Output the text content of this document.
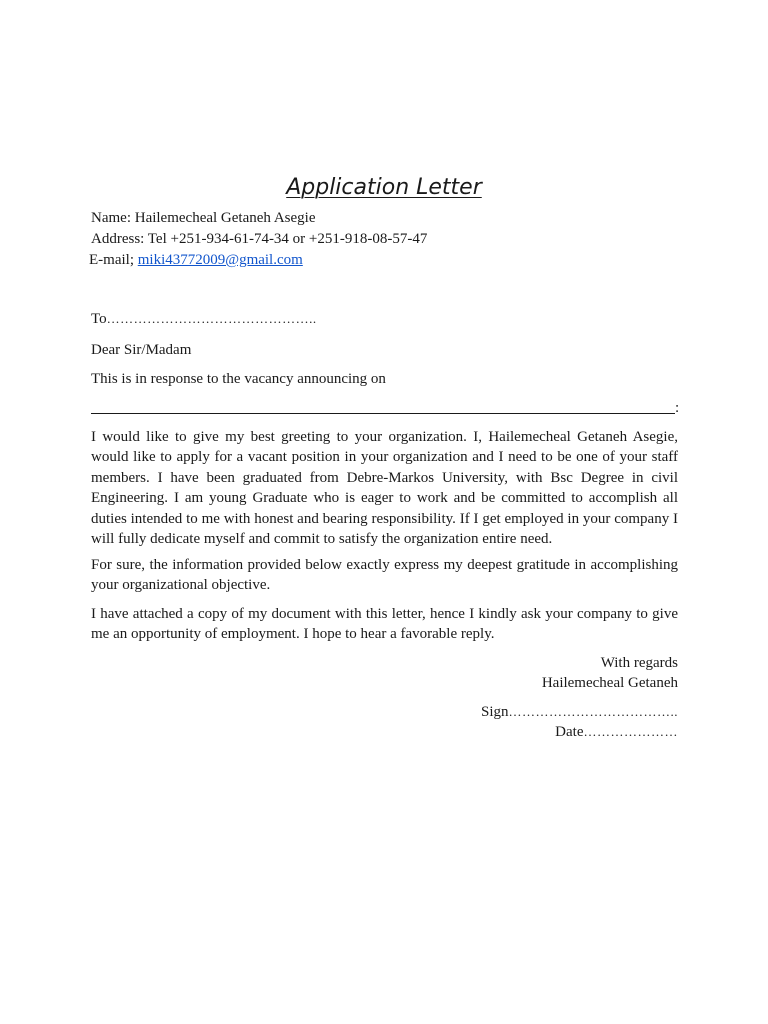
Application Letter
Name: Hailemecheal Getaneh Asegie
Address: Tel +251-934-61-74-34 or +251-918-08-57-47
E-mail; miki43772009@gmail.com
To………………………………………..
Dear Sir/Madam
This is in response to the vacancy announcing on
:
I would like to give my best greeting to your organization. I, Hailemecheal Getaneh Asegie, would like to apply for a vacant position in your organization and I need to be one of your staff members. I have been graduated from Debre-Markos University, with Bsc Degree in civil Engineering. I am young Graduate who is eager to work and be committed to accomplish all duties intended to me with honest and bearing responsibility. If I get employed in your company I will fully dedicate myself and commit to satisfy the organization entire need.
For sure, the information provided below exactly express my deepest gratitude in accomplishing your organizational objective.
I have attached a copy of my document with this letter, hence I kindly ask your company to give me an opportunity of employment. I hope to hear a favorable reply.
With regards
Hailemecheal Getaneh
Sign………………………………..
Date…………………
